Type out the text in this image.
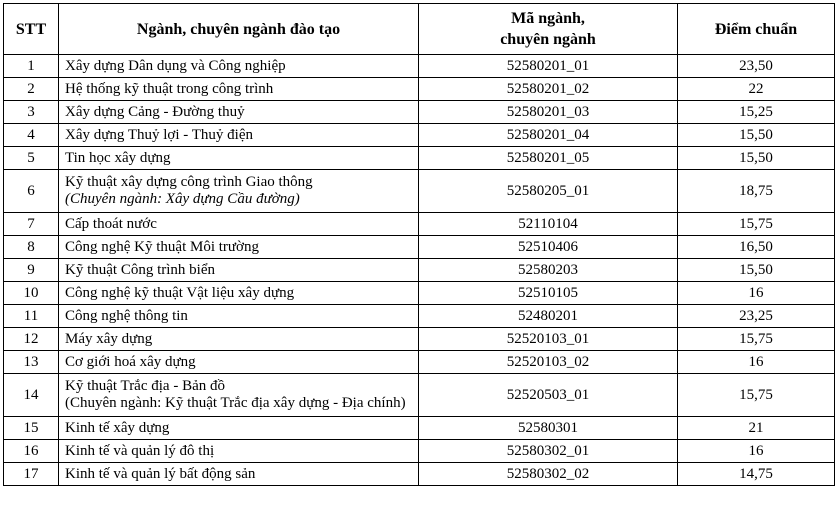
STT	Ngành, chuyên ngành đào tạo	Mã ngành,
chuyên ngành	Điểm chuẩn
1	Xây dựng Dân dụng và Công nghiệp	52580201_01	23,50
2	Hệ thống kỹ thuật trong công trình	52580201_02	22
3	Xây dựng Cảng - Đường thuỷ	52580201_03	15,25
4	Xây dựng Thuỷ lợi - Thuỷ điện	52580201_04	15,50
5	Tin học xây dựng	52580201_05	15,50
6	Kỹ thuật xây dựng công trình Giao thông
(Chuyên ngành: Xây dựng Cầu đường)	52580205_01	18,75
7	Cấp thoát nước	52110104	15,75
8	Công nghệ Kỹ thuật Môi trường	52510406	16,50
9	Kỹ thuật Công trình biển	52580203	15,50
10	Công nghệ kỹ thuật Vật liệu xây dựng	52510105	16
11	Công nghệ thông tin	52480201	23,25
12	Máy xây dựng	52520103_01	15,75
13	Cơ giới hoá xây dựng	52520103_02	16
14	Kỹ thuật Trắc địa - Bản đồ
(Chuyên ngành: Kỹ thuật Trắc địa xây dựng - Địa chính)	52520503_01	15,75
15	Kinh tế xây dựng	52580301	21
16	Kinh tế và quản lý đô thị	52580302_01	16
17	Kinh tế và quản lý bất động sản	52580302_02	14,75
